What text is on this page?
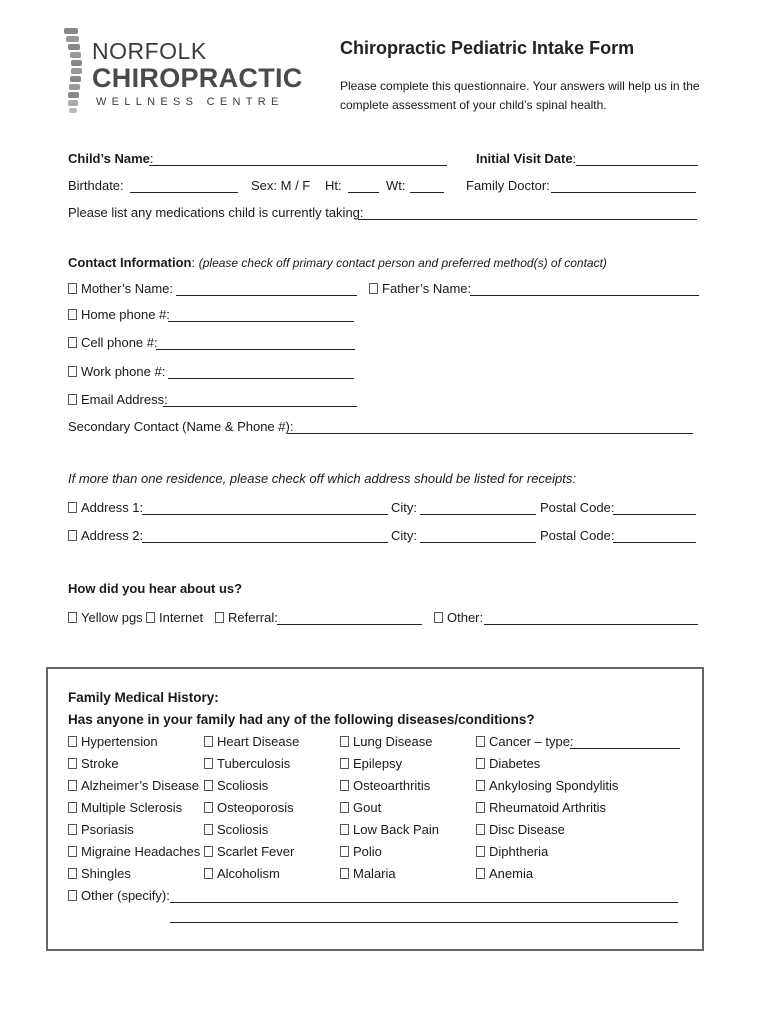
NORFOLK
CHIROPRACTIC
WELLNESS CENTRE
Chiropractic Pediatric Intake Form
Please complete this questionnaire. Your answers will help us in the complete assessment of your child’s spinal health.
Child’s Name:	Initial Visit Date:
Birthdate:	Sex: M / F Ht:	Wt:	Family Doctor:
Please list any medications child is currently taking:
Contact Information: (please check off primary contact person and preferred method(s) of contact)
Mother’s Name:	Father’s Name:
Home phone #:
Cell phone #:
Work phone #:
Email Address:
Secondary Contact (Name & Phone #):
If more than one residence, please check off which address should be listed for receipts:
Address 1:	City:	Postal Code:
Address 2:	City:	Postal Code:
How did you hear about us?
Yellow pgs	Internet	Referral:	Other:
Family Medical History:
Has anyone in your family had any of the following diseases/conditions?
Hypertension	Heart Disease	Lung Disease	Cancer – type:
Stroke	Tuberculosis	Epilepsy	Diabetes
Alzheimer’s Disease	Scoliosis	Osteoarthritis	Ankylosing Spondylitis
Multiple Sclerosis	Osteoporosis	Gout	Rheumatoid Arthritis
Psoriasis	Scoliosis	Low Back Pain	Disc Disease
Migraine Headaches	Scarlet Fever	Polio	Diphtheria
Shingles	Alcoholism	Malaria	Anemia
Other (specify):
